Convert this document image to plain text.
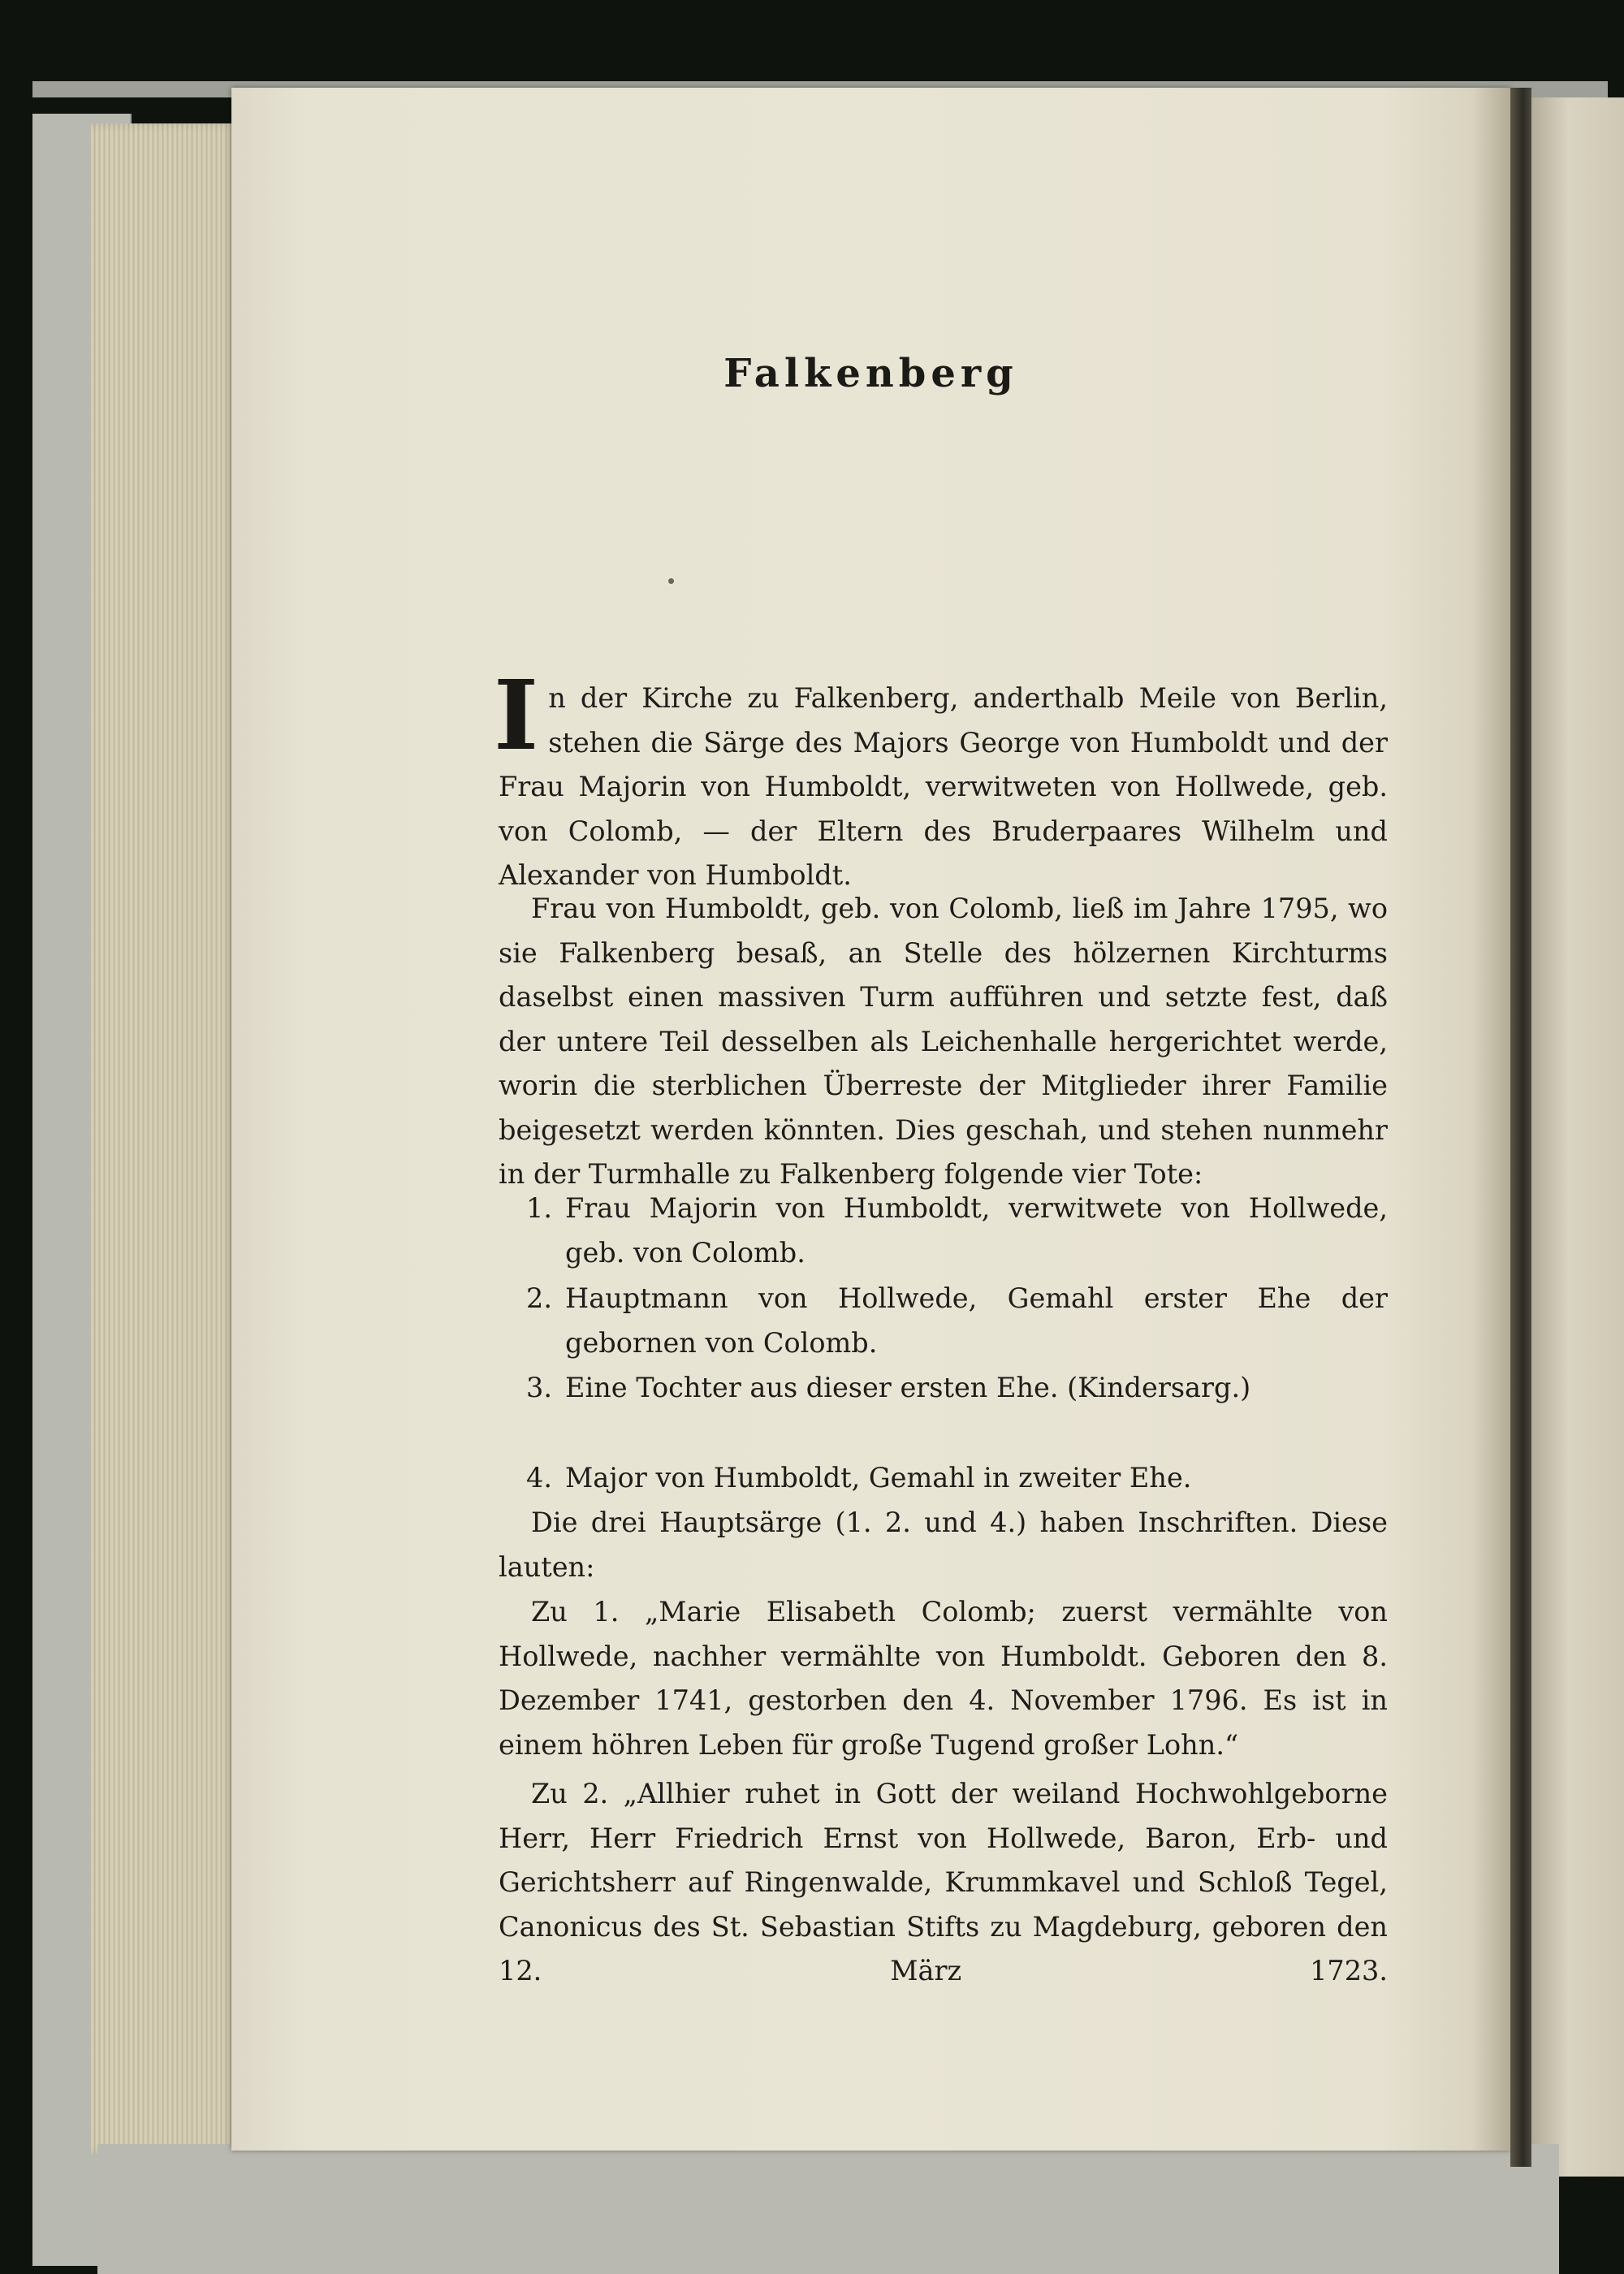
Falkenberg
In der Kirche zu Falkenberg, anderthalb Meile von Berlin, stehen die Särge des Majors George von Humboldt und der Frau Majorin von Humboldt, verwitweten von Hollwede, geb. von Colomb, — der Eltern des Bruderpaares Wilhelm und Alexander von Humboldt.
Frau von Humboldt, geb. von Colomb, ließ im Jahre 1795, wo sie Falkenberg besaß, an Stelle des hölzernen Kirchturms daselbst einen massiven Turm aufführen und setzte fest, daß der untere Teil desselben als Leichenhalle hergerichtet werde, worin die sterblichen Überreste der Mitglieder ihrer Familie beigesetzt werden könnten. Dies geschah, und stehen nunmehr in der Turmhalle zu Falkenberg folgende vier Tote:
1. Frau Majorin von Humboldt, verwitwete von Hollwede, geb. von Colomb.
2. Hauptmann von Hollwede, Gemahl erster Ehe der gebornen von Colomb.
3. Eine Tochter aus dieser ersten Ehe. (Kindersarg.)
4. Major von Humboldt, Gemahl in zweiter Ehe.
Die drei Hauptsärge (1. 2. und 4.) haben Inschriften. Diese lauten:
Zu 1. „Marie Elisabeth Colomb; zuerst vermählte von Hollwede, nachher vermählte von Humboldt. Geboren den 8. Dezember 1741, gestorben den 4. November 1796. Es ist in einem höhren Leben für große Tugend großer Lohn.“
Zu 2. „Allhier ruhet in Gott der weiland Hochwohlgeborne Herr, Herr Friedrich Ernst von Hollwede, Baron, Erb- und Gerichtsherr auf Ringenwalde, Krummkavel und Schloß Tegel, Canonicus des St. Sebastian Stifts zu Magdeburg, geboren den 12. März 1723.
